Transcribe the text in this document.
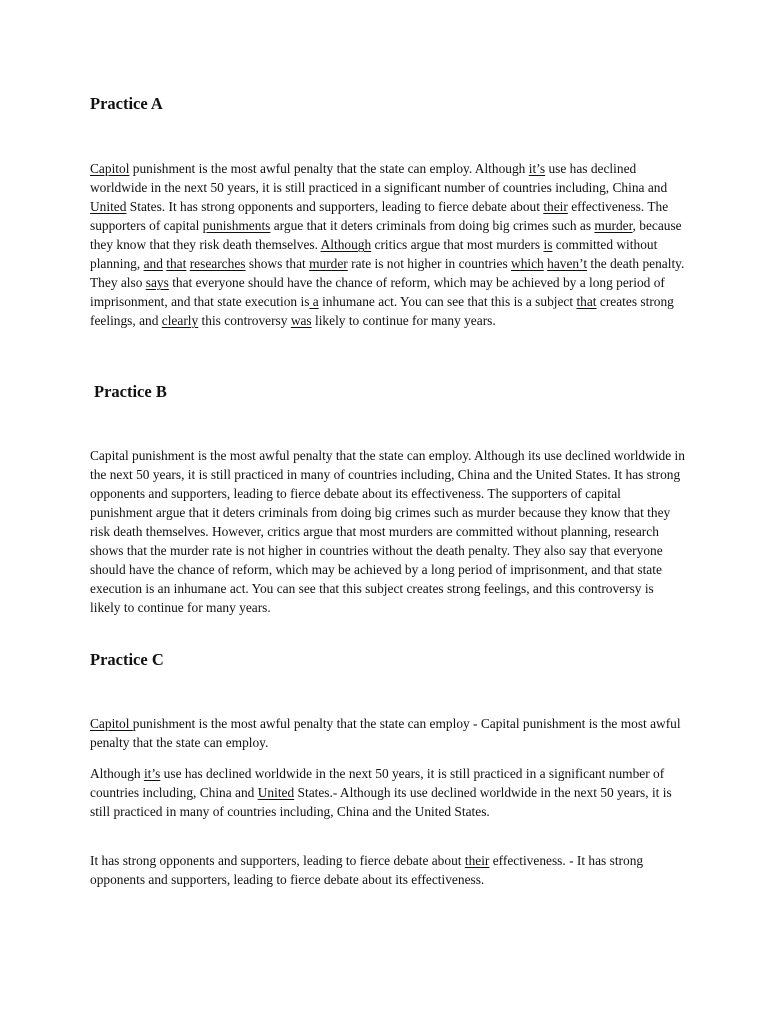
Practice A

Capitol punishment is the most awful penalty that the state can employ. Although it’s use has declined worldwide in the next 50 years, it is still practiced in a significant number of countries including, China and United States. It has strong opponents and supporters, leading to fierce debate about their effectiveness. The supporters of capital punishments argue that it deters criminals from doing big crimes such as murder, because they know that they risk death themselves. Although critics argue that most murders is committed without planning, and that researches shows that murder rate is not higher in countries which haven’t the death penalty. They also says that everyone should have the chance of reform, which may be achieved by a long period of imprisonment, and that state execution is a inhumane act. You can see that this is a subject that creates strong feelings, and clearly this controversy was likely to continue for many years.

Practice B

Capital punishment is the most awful penalty that the state can employ. Although its use declined worldwide in the next 50 years, it is still practiced in many of countries including, China and the United States. It has strong opponents and supporters, leading to fierce debate about its effectiveness. The supporters of capital punishment argue that it deters criminals from doing big crimes such as murder because they know that they risk death themselves. However, critics argue that most murders are committed without planning, research shows that the murder rate is not higher in countries without the death penalty. They also say that everyone should have the chance of reform, which may be achieved by a long period of imprisonment, and that state execution is an inhumane act. You can see that this subject creates strong feelings, and this controversy is likely to continue for many years.

Practice C

Capitol punishment is the most awful penalty that the state can employ - Capital punishment is the most awful penalty that the state can employ.

Although it’s use has declined worldwide in the next 50 years, it is still practiced in a significant number of countries including, China and United States.- Although its use declined worldwide in the next 50 years, it is still practiced in many of countries including, China and the United States.

It has strong opponents and supporters, leading to fierce debate about their effectiveness. - It has strong opponents and supporters, leading to fierce debate about its effectiveness.
